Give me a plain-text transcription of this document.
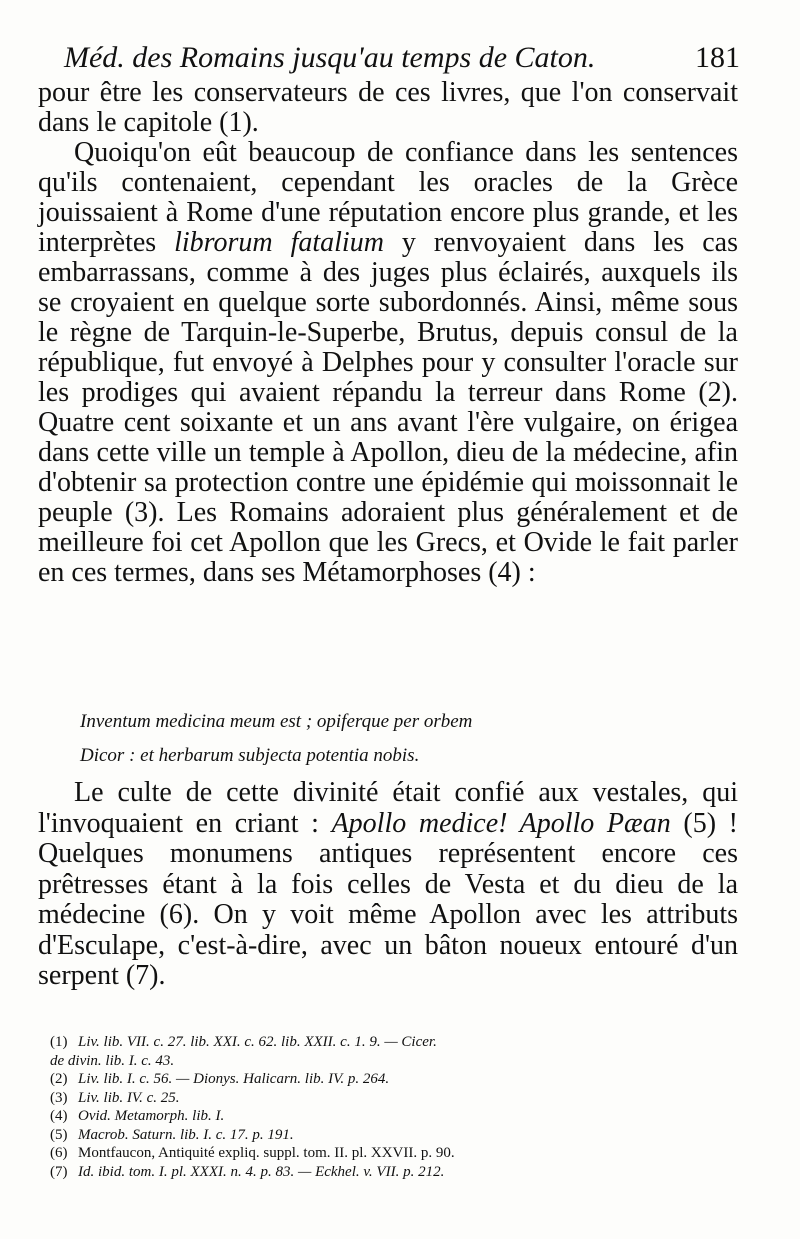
Méd. des Romains jusqu'au temps de Caton.	181

pour être les conservateurs de ces livres, que l'on conservait dans le capitole (1).

Quoiqu'on eût beaucoup de confiance dans les sentences qu'ils contenaient, cependant les oracles de la Grèce jouissaient à Rome d'une réputation encore plus grande, et les interprètes librorum fatalium y renvoyaient dans les cas embarrassans, comme à des juges plus éclairés, auxquels ils se croyaient en quelque sorte subordonnés. Ainsi, même sous le règne de Tarquin-le-Superbe, Brutus, depuis consul de la république, fut envoyé à Delphes pour y consulter l'oracle sur les prodiges qui avaient répandu la terreur dans Rome (2). Quatre cent soixante et un ans avant l'ère vulgaire, on érigea dans cette ville un temple à Apollon, dieu de la médecine, afin d'obtenir sa protection contre une épidémie qui moissonnait le peuple (3). Les Romains adoraient plus généralement et de meilleure foi cet Apollon que les Grecs, et Ovide le fait parler en ces termes, dans ses Métamorphoses (4) :

Inventum medicina meum est ; opiferque per orbem
Dicor : et herbarum subjecta potentia nobis.

Le culte de cette divinité était confié aux vestales, qui l'invoquaient en criant : Apollo medice! Apollo Pæan (5) ! Quelques monumens antiques représentent encore ces prêtresses étant à la fois celles de Vesta et du dieu de la médecine (6). On y voit même Apollon avec les attributs d'Esculape, c'est-à-dire, avec un bâton noueux entouré d'un serpent (7).

(1) Liv. lib. VII. c. 27. lib. XXI. c. 62. lib. XXII. c. 1. 9. — Cicer.

de divin. lib. I. c. 43.

(2) Liv. lib. I. c. 56. — Dionys. Halicarn. lib. IV. p. 264.

(3) Liv. lib. IV. c. 25.

(4) Ovid. Metamorph. lib. I.

(5) Macrob. Saturn. lib. I. c. 17. p. 191.

(6) Montfaucon, Antiquité expliq. suppl. tom. II. pl. XXVII. p. 90.

(7) Id. ibid. tom. I. pl. XXXI. n. 4. p. 83. — Eckhel. v. VII. p. 212.
